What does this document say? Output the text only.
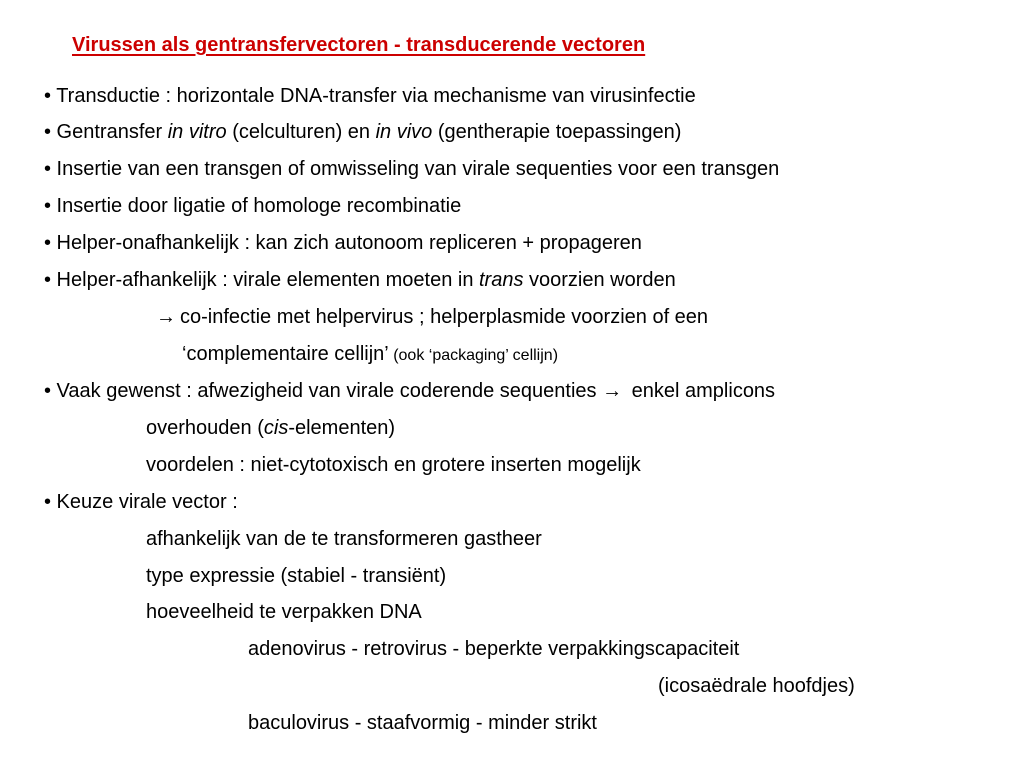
Virussen als gentransfervectoren - transducerende vectoren
• Transductie : horizontale DNA-transfer via mechanisme van virusinfectie
• Gentransfer in vitro (celculturen) en in vivo (gentherapie toepassingen)
• Insertie van een transgen of omwisseling van virale sequenties voor een transgen
• Insertie door ligatie of homologe recombinatie
• Helper-onafhankelijk : kan zich autonoom repliceren + propageren
• Helper-afhankelijk : virale elementen moeten in trans voorzien worden
→ co-infectie met helpervirus ; helperplasmide voorzien of een
‘complementaire cellijn’ (ook ‘packaging’ cellijn)
• Vaak gewenst : afwezigheid van virale coderende sequenties → enkel amplicons
overhouden (cis-elementen)
voordelen : niet-cytotoxisch en grotere inserten mogelijk
• Keuze virale vector :
afhankelijk van de te transformeren gastheer
type expressie (stabiel - transiënt)
hoeveelheid te verpakken DNA
adenovirus - retrovirus - beperkte verpakkingscapaciteit
(icosaëdrale hoofdjes)
baculovirus - staafvormig - minder strikt
